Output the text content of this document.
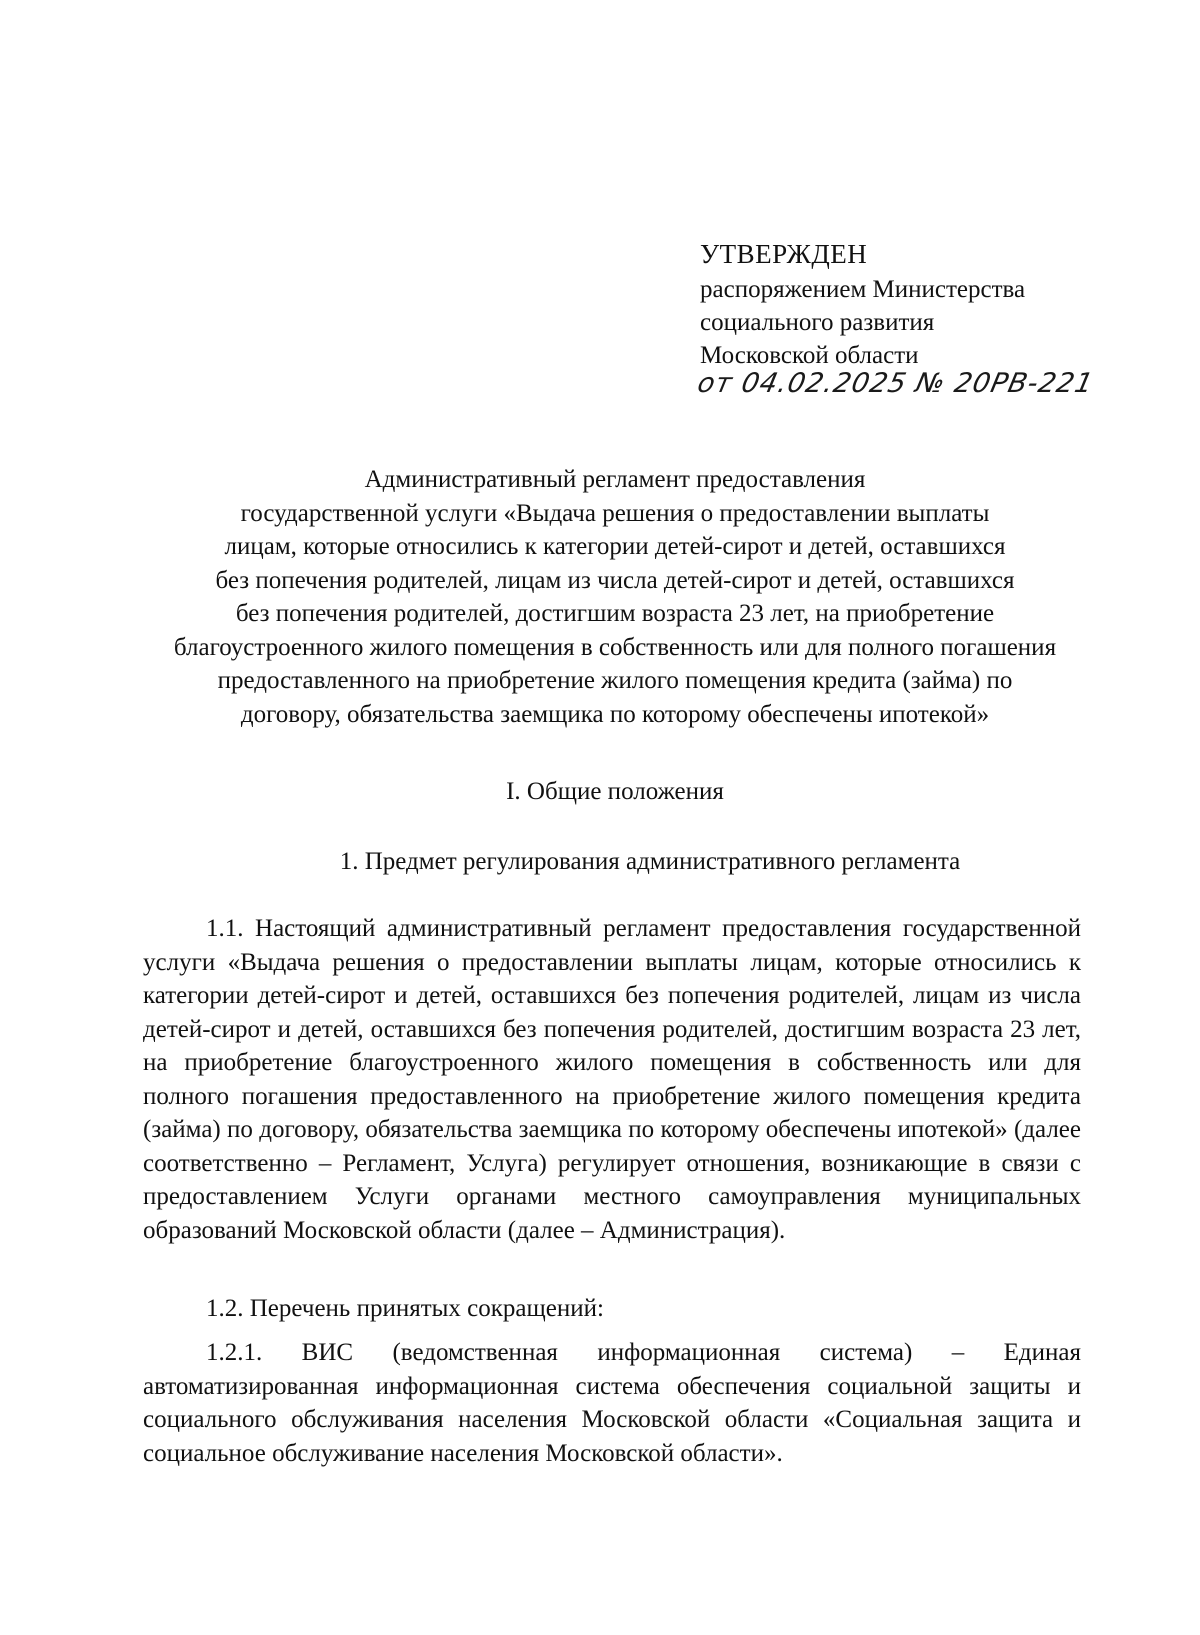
УТВЕРЖДЕН
распоряжением Министерства
социального развития
Московской области
от 04.02.2025 № 20РВ-221
Административный регламент предоставления
государственной услуги «Выдача решения о предоставлении выплаты
лицам, которые относились к категории детей-сирот и детей, оставшихся
без попечения родителей, лицам из числа детей-сирот и детей, оставшихся
без попечения родителей, достигшим возраста 23 лет, на приобретение
благоустроенного жилого помещения в собственность или для полного погашения
предоставленного на приобретение жилого помещения кредита (займа) по
договору, обязательства заемщика по которому обеспечены ипотекой»
I. Общие положения
1. Предмет регулирования административного регламента

1.1. Настоящий административный регламент предоставления государственной услуги «Выдача решения о предоставлении выплаты лицам, которые относились к категории детей-сирот и детей, оставшихся без попечения родителей, лицам из числа детей-сирот и детей, оставшихся без попечения родителей, достигшим возраста 23 лет, на приобретение благоустроенного жилого помещения в собственность или для полного погашения предоставленного на приобретение жилого помещения кредита (займа) по договору, обязательства заемщика по которому обеспечены ипотекой» (далее соответственно – Регламент, Услуга) регулирует отношения, возникающие в связи с предоставлением Услуги органами местного самоуправления муниципальных образований Московской области (далее – Администрация).

1.2. Перечень принятых сокращений:

1.2.1. ВИС (ведомственная информационная система) – Единая автоматизированная информационная система обеспечения социальной защиты и социального обслуживания населения Московской области «Социальная защита и социальное обслуживание населения Московской области».
